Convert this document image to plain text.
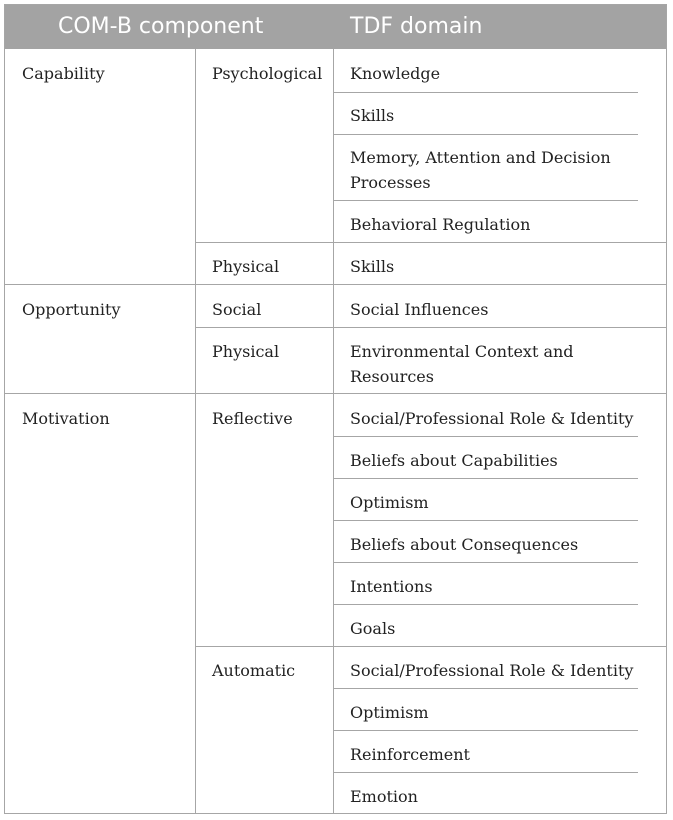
COM-B component	TDF domain
Capability
Opportunity
Motivation
Psychological
Physical
Social
Physical
Reflective
Automatic
Knowledge
Skills
Memory, Attention and Decision
Processes
Behavioral Regulation
Skills
Social Influences
Environmental Context and
Resources
Social/Professional Role & Identity
Beliefs about Capabilities
Optimism
Beliefs about Consequences
Intentions
Goals
Social/Professional Role & Identity
Optimism
Reinforcement
Emotion
